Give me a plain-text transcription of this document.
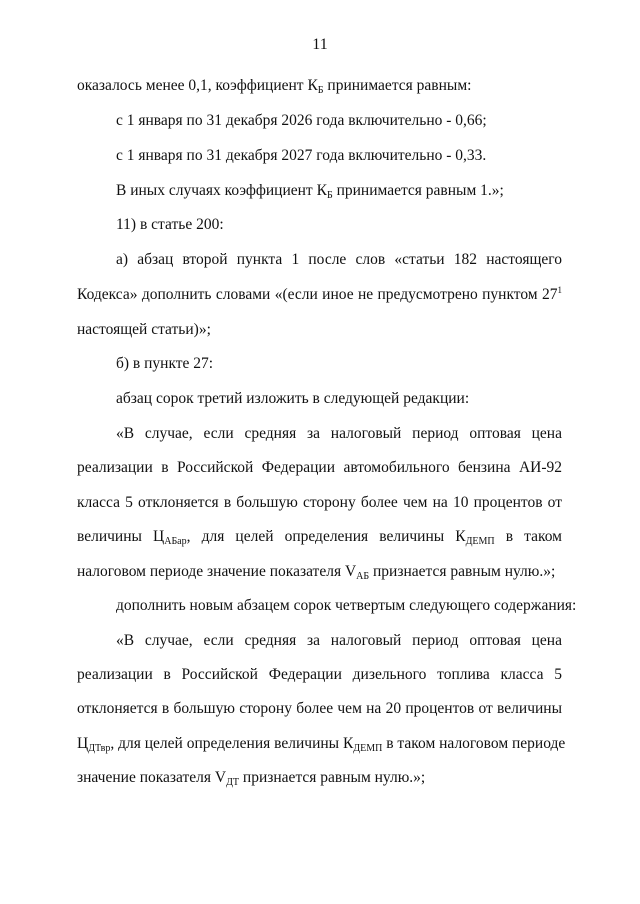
11
оказалось менее 0,1, коэффициент $К_Б$ принимается равным:
с 1 января по 31 декабря 2026 года включительно - 0,66;
с 1 января по 31 декабря 2027 года включительно - 0,33.
В иных случаях коэффициент $К_Б$ принимается равным 1.»;
11) в статье 200:
а) абзац второй пункта 1 после слов «статьи 182 настоящего
Кодекса» дополнить словами «(если иное не предусмотрено пунктом $27^1$
настоящей статьи)»;
б) в пункте 27:
абзац сорок третий изложить в следующей редакции:
«В случае, если средняя за налоговый период оптовая цена
реализации в Российской Федерации автомобильного бензина АИ-92
класса 5 отклоняется в большую сторону более чем на 10 процентов от
величины $Ц_{АБар}$, для целей определения величины $К_{ДЕМП}$ в таком
налоговом периоде значение показателя $V_{АБ}$ признается равным нулю.»;
дополнить новым абзацем сорок четвертым следующего содержания:
«В случае, если средняя за налоговый период оптовая цена
реализации в Российской Федерации дизельного топлива класса 5
отклоняется в большую сторону более чем на 20 процентов от величины
$Ц_{ДТвр}$, для целей определения величины $К_{ДЕМП}$ в таком налоговом периоде
значение показателя $V_{ДТ}$ признается равным нулю.»;
